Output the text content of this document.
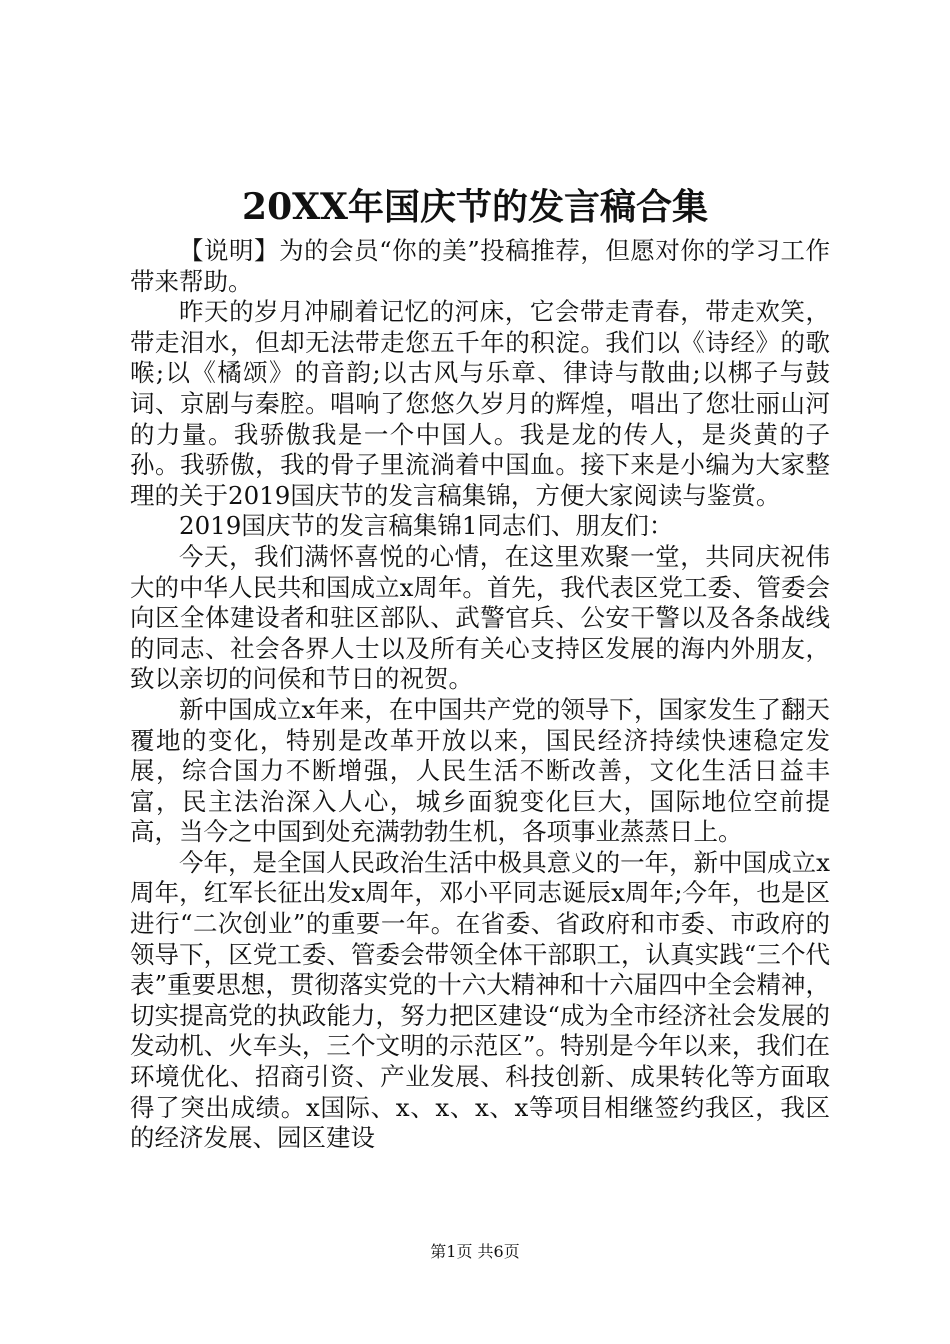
20XX年国庆节的发言稿合集

【说明】为的会员“你的美”投稿推荐，但愿对你的学习工作带来帮助。

昨天的岁月冲刷着记忆的河床，它会带走青春，带走欢笑，带走泪水，但却无法带走您五千年的积淀。我们以《诗经》的歌喉;以《橘颂》的音韵;以古风与乐章、律诗与散曲;以梆子与鼓词、京剧与秦腔。唱响了您悠久岁月的辉煌，唱出了您壮丽山河的力量。我骄傲我是一个中国人。我是龙的传人，是炎黄的子孙。我骄傲，我的骨子里流淌着中国血。接下来是小编为大家整理的关于2019国庆节的发言稿集锦，方便大家阅读与鉴赏。

2019国庆节的发言稿集锦1同志们、朋友们：

今天，我们满怀喜悦的心情，在这里欢聚一堂，共同庆祝伟大的中华人民共和国成立x周年。首先，我代表区党工委、管委会向区全体建设者和驻区部队、武警官兵、公安干警以及各条战线的同志、社会各界人士以及所有关心支持区发展的海内外朋友，致以亲切的问侯和节日的祝贺。

新中国成立x年来，在中国共产党的领导下，国家发生了翻天覆地的变化，特别是改革开放以来，国民经济持续快速稳定发展，综合国力不断增强，人民生活不断改善，文化生活日益丰富，民主法治深入人心，城乡面貌变化巨大，国际地位空前提高，当今之中国到处充满勃勃生机，各项事业蒸蒸日上。

今年，是全国人民政治生活中极具意义的一年，新中国成立x周年，红军长征出发x周年，邓小平同志诞辰x周年;今年，也是区进行“二次创业”的重要一年。在省委、省政府和市委、市政府的领导下，区党工委、管委会带领全体干部职工，认真实践“三个代表”重要思想，贯彻落实党的十六大精神和十六届四中全会精神，切实提高党的执政能力，努力把区建设“成为全市经济社会发展的发动机、火车头，三个文明的示范区”。特别是今年以来，我们在环境优化、招商引资、产业发展、科技创新、成果转化等方面取得了突出成绩。x国际、x、x、x、x等项目相继签约我区，我区的经济发展、园区建设

第1页 共6页
